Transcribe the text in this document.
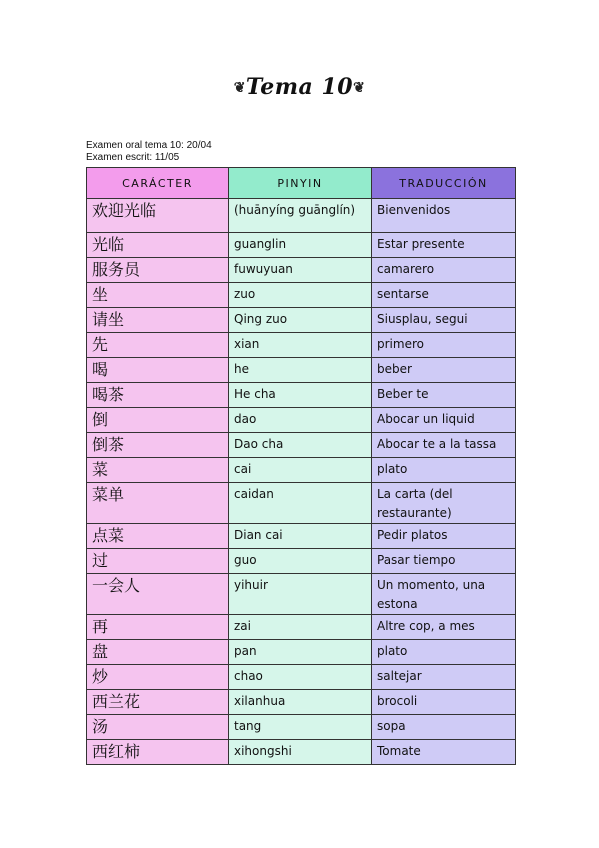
❦Tema 10❦
Examen oral tema 10: 20/04
Examen escrit: 11/05
CARÁCTER	PINYIN	TRADUCCIÓN
欢迎光临	(huānyíng guānglín)	Bienvenidos
光临	guanglin	Estar presente
服务员	fuwuyuan	camarero
坐	zuo	sentarse
请坐	Qing zuo	Siusplau, segui
先	xian	primero
喝	he	beber
喝茶	He cha	Beber te
倒	dao	Abocar un liquid
倒茶	Dao cha	Abocar te a la tassa
菜	cai	plato
菜单	caidan	La carta (del restaurante)
点菜	Dian cai	Pedir platos
过	guo	Pasar tiempo
一会人	yihuir	Un momento, una estona
再	zai	Altre cop, a mes
盘	pan	plato
炒	chao	saltejar
西兰花	xilanhua	brocoli
汤	tang	sopa
西红柿	xihongshi	Tomate
